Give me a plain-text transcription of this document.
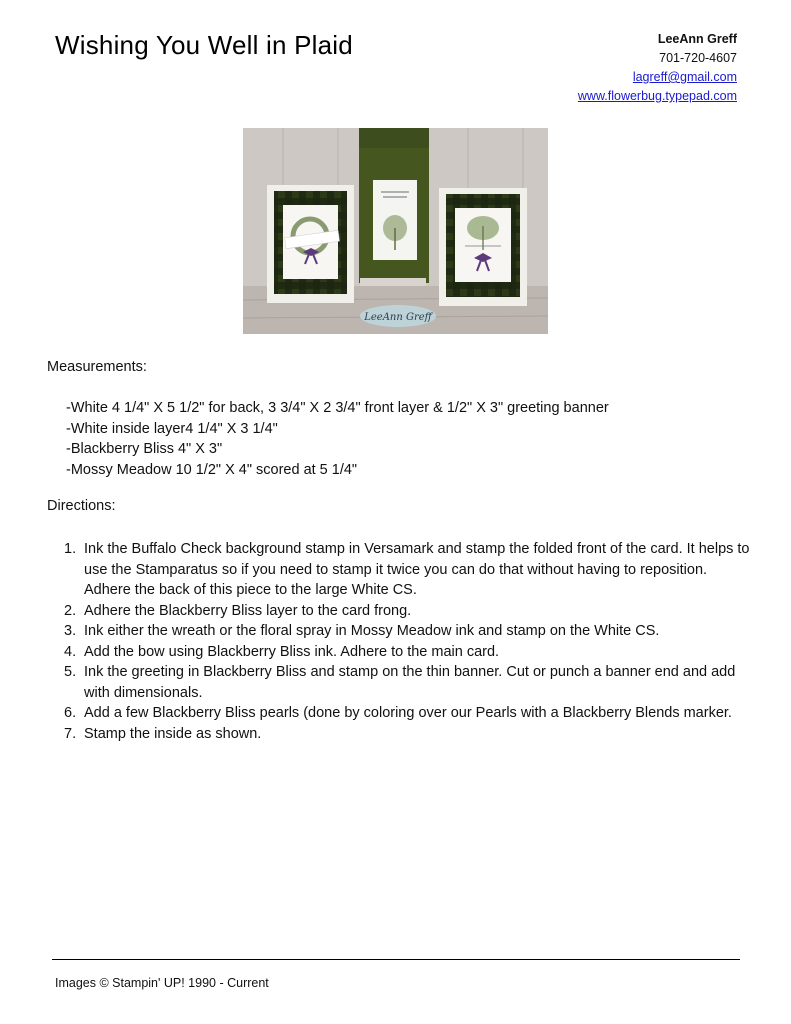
Wishing You Well in Plaid	LeeAnn Greff
701-720-4607
lagreff@gmail.com
www.flowerbug.typepad.com
LeeAnn Greff
Measurements:
-White 4 1/4" X 5 1/2" for back, 3 3/4" X 2 3/4" front layer & 1/2" X 3" greeting banner
-White inside layer4 1/4" X 3 1/4"
-Blackberry Bliss 4" X 3"
-Mossy Meadow 10 1/2" X 4" scored at 5 1/4"
Directions:
1. Ink the Buffalo Check background stamp in Versamark and stamp the folded front of the card. It helps to use the Stamparatus so if you need to stamp it twice you can do that without having to reposition. Adhere the back of this piece to the large White CS.
2. Adhere the Blackberry Bliss layer to the card frong.
3. Ink either the wreath or the floral spray in Mossy Meadow ink and stamp on the White CS.
4. Add the bow using Blackberry Bliss ink. Adhere to the main card.
5. Ink the greeting in Blackberry Bliss and stamp on the thin banner. Cut or punch a banner end and add with dimensionals.
6. Add a few Blackberry Bliss pearls (done by coloring over our Pearls with a Blackberry Blends marker.
7. Stamp the inside as shown.
Images © Stampin' UP! 1990 - Current
